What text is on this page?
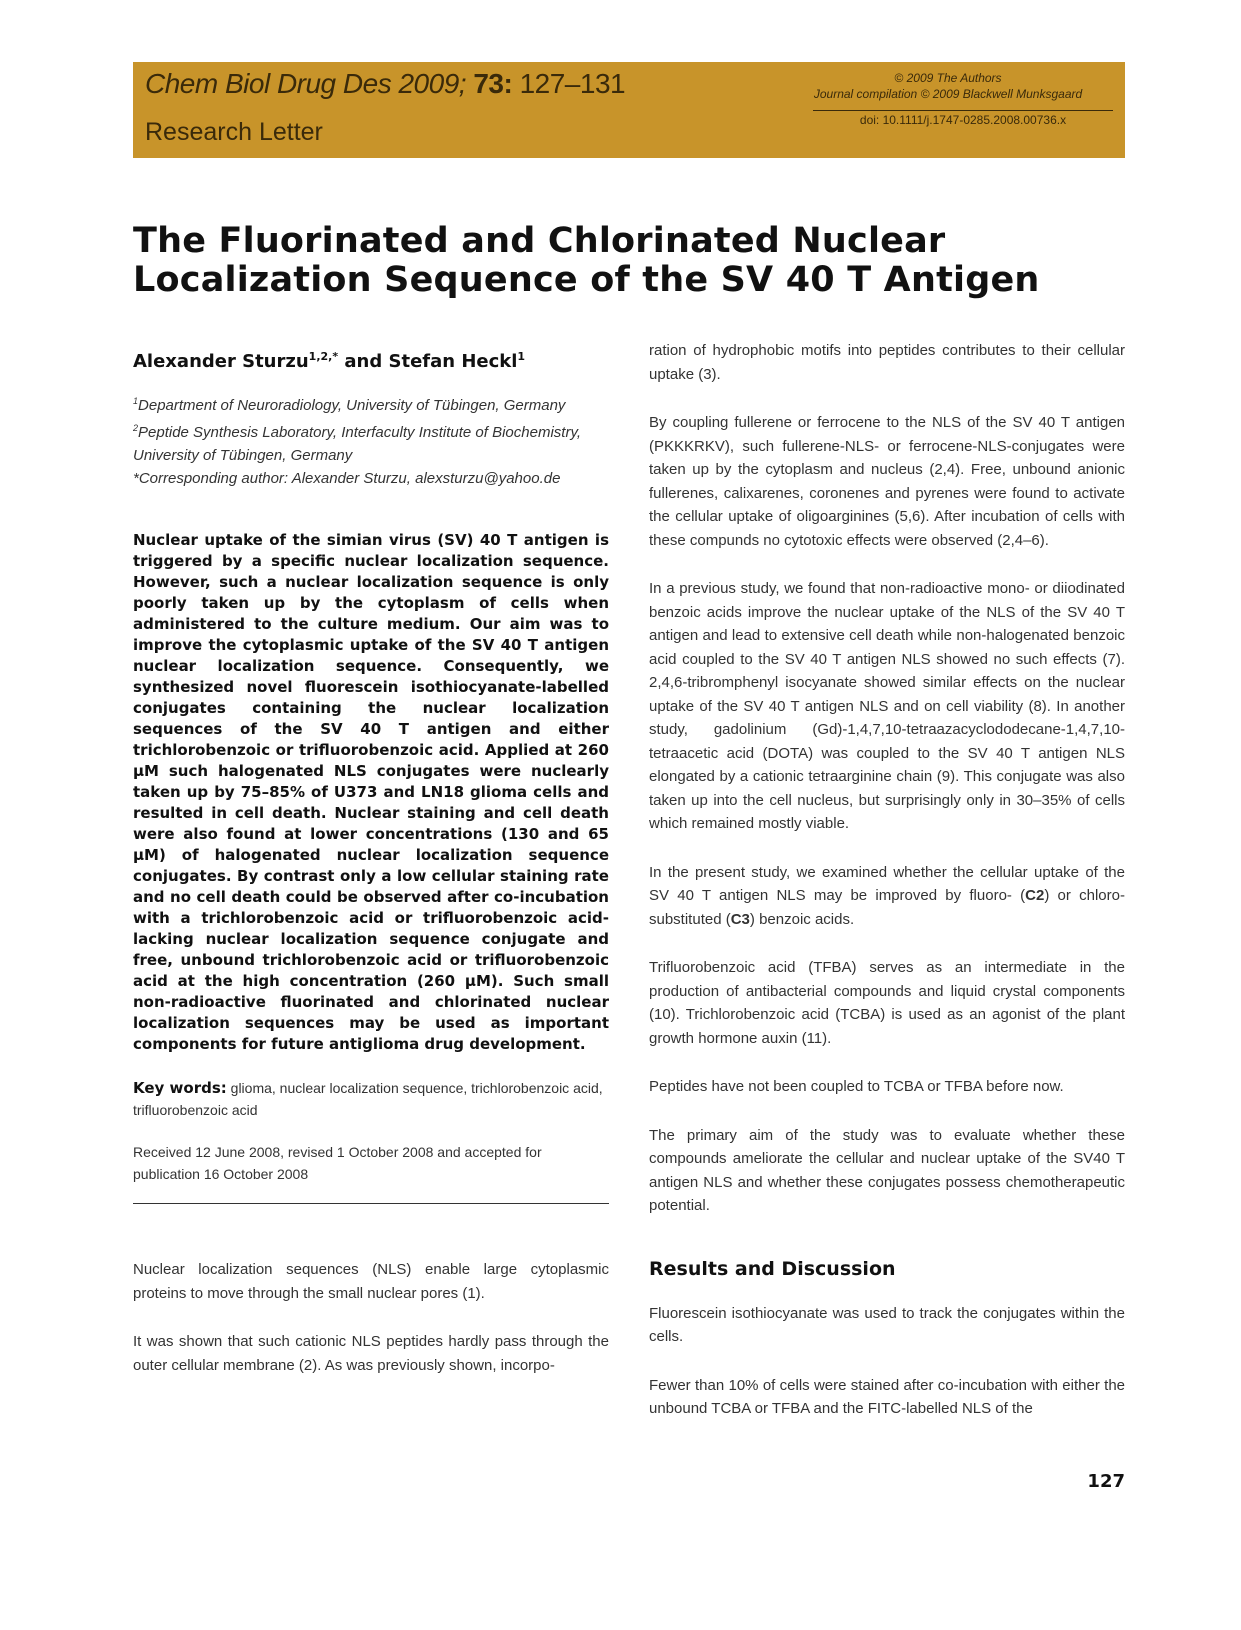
Chem Biol Drug Des 2009; 73: 127–131
Research Letter
© 2009 The Authors
Journal compilation © 2009 Blackwell Munksgaard
doi: 10.1111/j.1747-0285.2008.00736.x
The Fluorinated and Chlorinated Nuclear Localization Sequence of the SV 40 T Antigen
Alexander Sturzu$^{1,2,*}$ and Stefan Heckl$^1$

$^1$Department of Neuroradiology, University of Tübingen, Germany

$^2$Peptide Synthesis Laboratory, Interfaculty Institute of Biochemistry, University of Tübingen, Germany

*Corresponding author: Alexander Sturzu, alexsturzu@yahoo.de

Nuclear uptake of the simian virus (SV) 40 T antigen is triggered by a specific nuclear localization sequence. However, such a nuclear localization sequence is only poorly taken up by the cytoplasm of cells when administered to the culture medium. Our aim was to improve the cytoplasmic uptake of the SV 40 T antigen nuclear localization sequence. Consequently, we synthesized novel fluorescein isothiocyanate-labelled conjugates containing the nuclear localization sequences of the SV 40 T antigen and either trichlorobenzoic or trifluorobenzoic acid. Applied at 260 μM such halogenated NLS conjugates were nuclearly taken up by 75–85% of U373 and LN18 glioma cells and resulted in cell death. Nuclear staining and cell death were also found at lower concentrations (130 and 65 μM) of halogenated nuclear localization sequence conjugates. By contrast only a low cellular staining rate and no cell death could be observed after co-incubation with a trichlorobenzoic acid or trifluorobenzoic acid-lacking nuclear localization sequence conjugate and free, unbound trichlorobenzoic acid or trifluorobenzoic acid at the high concentration (260 μM). Such small non-radioactive fluorinated and chlorinated nuclear localization sequences may be used as important components for future antiglioma drug development.

Key words: glioma, nuclear localization sequence, trichlorobenzoic acid, trifluorobenzoic acid

Received 12 June 2008, revised 1 October 2008 and accepted for publication 16 October 2008

Nuclear localization sequences (NLS) enable large cytoplasmic proteins to move through the small nuclear pores (1).

It was shown that such cationic NLS peptides hardly pass through the outer cellular membrane (2). As was previously shown, incorpo-

ration of hydrophobic motifs into peptides contributes to their cellular uptake (3).

By coupling fullerene or ferrocene to the NLS of the SV 40 T antigen (PKKKRKV), such fullerene-NLS- or ferrocene-NLS-conjugates were taken up by the cytoplasm and nucleus (2,4). Free, unbound anionic fullerenes, calixarenes, coronenes and pyrenes were found to activate the cellular uptake of oligoarginines (5,6). After incubation of cells with these compunds no cytotoxic effects were observed (2,4–6).

In a previous study, we found that non-radioactive mono- or diiodinated benzoic acids improve the nuclear uptake of the NLS of the SV 40 T antigen and lead to extensive cell death while non-halogenated benzoic acid coupled to the SV 40 T antigen NLS showed no such effects (7). 2,4,6-tribromphenyl isocyanate showed similar effects on the nuclear uptake of the SV 40 T antigen NLS and on cell viability (8). In another study, gadolinium (Gd)-1,4,7,10-tetraazacyclododecane-1,4,7,10-tetraacetic acid (DOTA) was coupled to the SV 40 T antigen NLS elongated by a cationic tetraarginine chain (9). This conjugate was also taken up into the cell nucleus, but surprisingly only in 30–35% of cells which remained mostly viable.

In the present study, we examined whether the cellular uptake of the SV 40 T antigen NLS may be improved by fluoro- (C2) or chloro-substituted (C3) benzoic acids.

Trifluorobenzoic acid (TFBA) serves as an intermediate in the production of antibacterial compounds and liquid crystal components (10). Trichlorobenzoic acid (TCBA) is used as an agonist of the plant growth hormone auxin (11).

Peptides have not been coupled to TCBA or TFBA before now.

The primary aim of the study was to evaluate whether these compounds ameliorate the cellular and nuclear uptake of the SV40 T antigen NLS and whether these conjugates possess chemotherapeutic potential.

Results and Discussion

Fluorescein isothiocyanate was used to track the conjugates within the cells.

Fewer than 10% of cells were stained after co-incubation with either the unbound TCBA or TFBA and the FITC-labelled NLS of the

127
